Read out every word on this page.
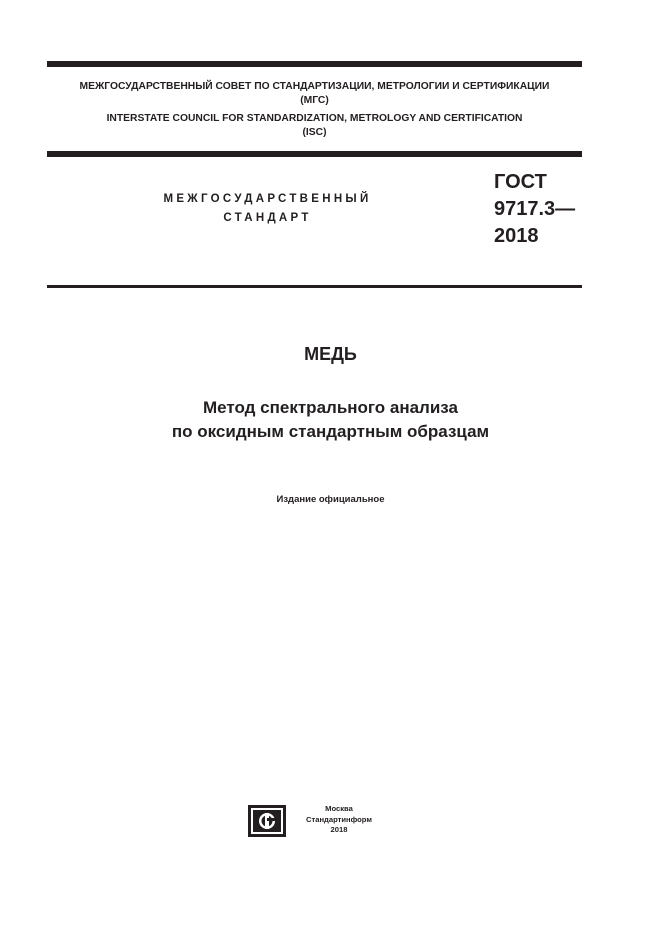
МЕЖГОСУДАРСТВЕННЫЙ СОВЕТ ПО СТАНДАРТИЗАЦИИ, МЕТРОЛОГИИ И СЕРТИФИКАЦИИ

(МГС)

INTERSTATE COUNCIL FOR STANDARDIZATION, METROLOGY AND CERTIFICATION

(ISC)

МЕЖГОСУДАРСТВЕННЫЙ

СТАНДАРТ

ГОСТ
9717.3—
2018

МЕДЬ

Метод спектрального анализа

по оксидным стандартным образцам

Издание официальное

Москва
Стандартинформ
2018
